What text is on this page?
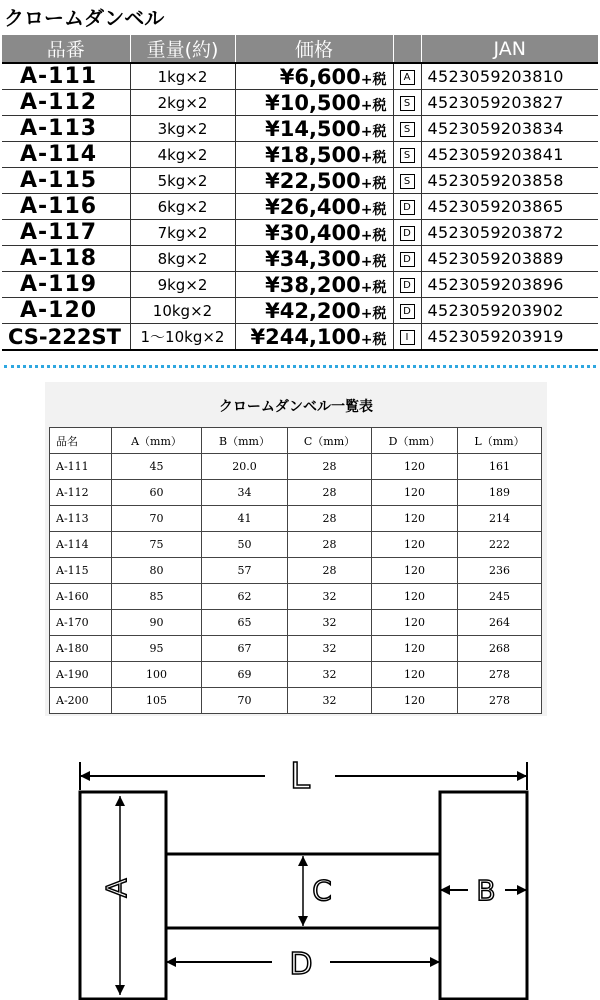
クロームダンベル
品番	重量(約)	価格		JAN
A-111	1kg×2	¥6,600+税	A	4523059203810
A-112	2kg×2	¥10,500+税	S	4523059203827
A-113	3kg×2	¥14,500+税	S	4523059203834
A-114	4kg×2	¥18,500+税	S	4523059203841
A-115	5kg×2	¥22,500+税	S	4523059203858
A-116	6kg×2	¥26,400+税	D	4523059203865
A-117	7kg×2	¥30,400+税	D	4523059203872
A-118	8kg×2	¥34,300+税	D	4523059203889
A-119	9kg×2	¥38,200+税	D	4523059203896
A-120	10kg×2	¥42,200+税	D	4523059203902
CS-222ST	1〜10kg×2	¥244,100+税	I	4523059203919
クロームダンベル一覧表
品名	A（mm）	B（mm）	C（mm）	D（mm）	L（mm）
A-111	45	20.0	28	120	161
A-112	60	34	28	120	189
A-113	70	41	28	120	214
A-114	75	50	28	120	222
A-115	80	57	28	120	236
A-160	85	62	32	120	245
A-170	90	65	32	120	264
A-180	95	67	32	120	268
A-190	100	69	32	120	278
A-200	105	70	32	120	278
L
A	B
C
D
